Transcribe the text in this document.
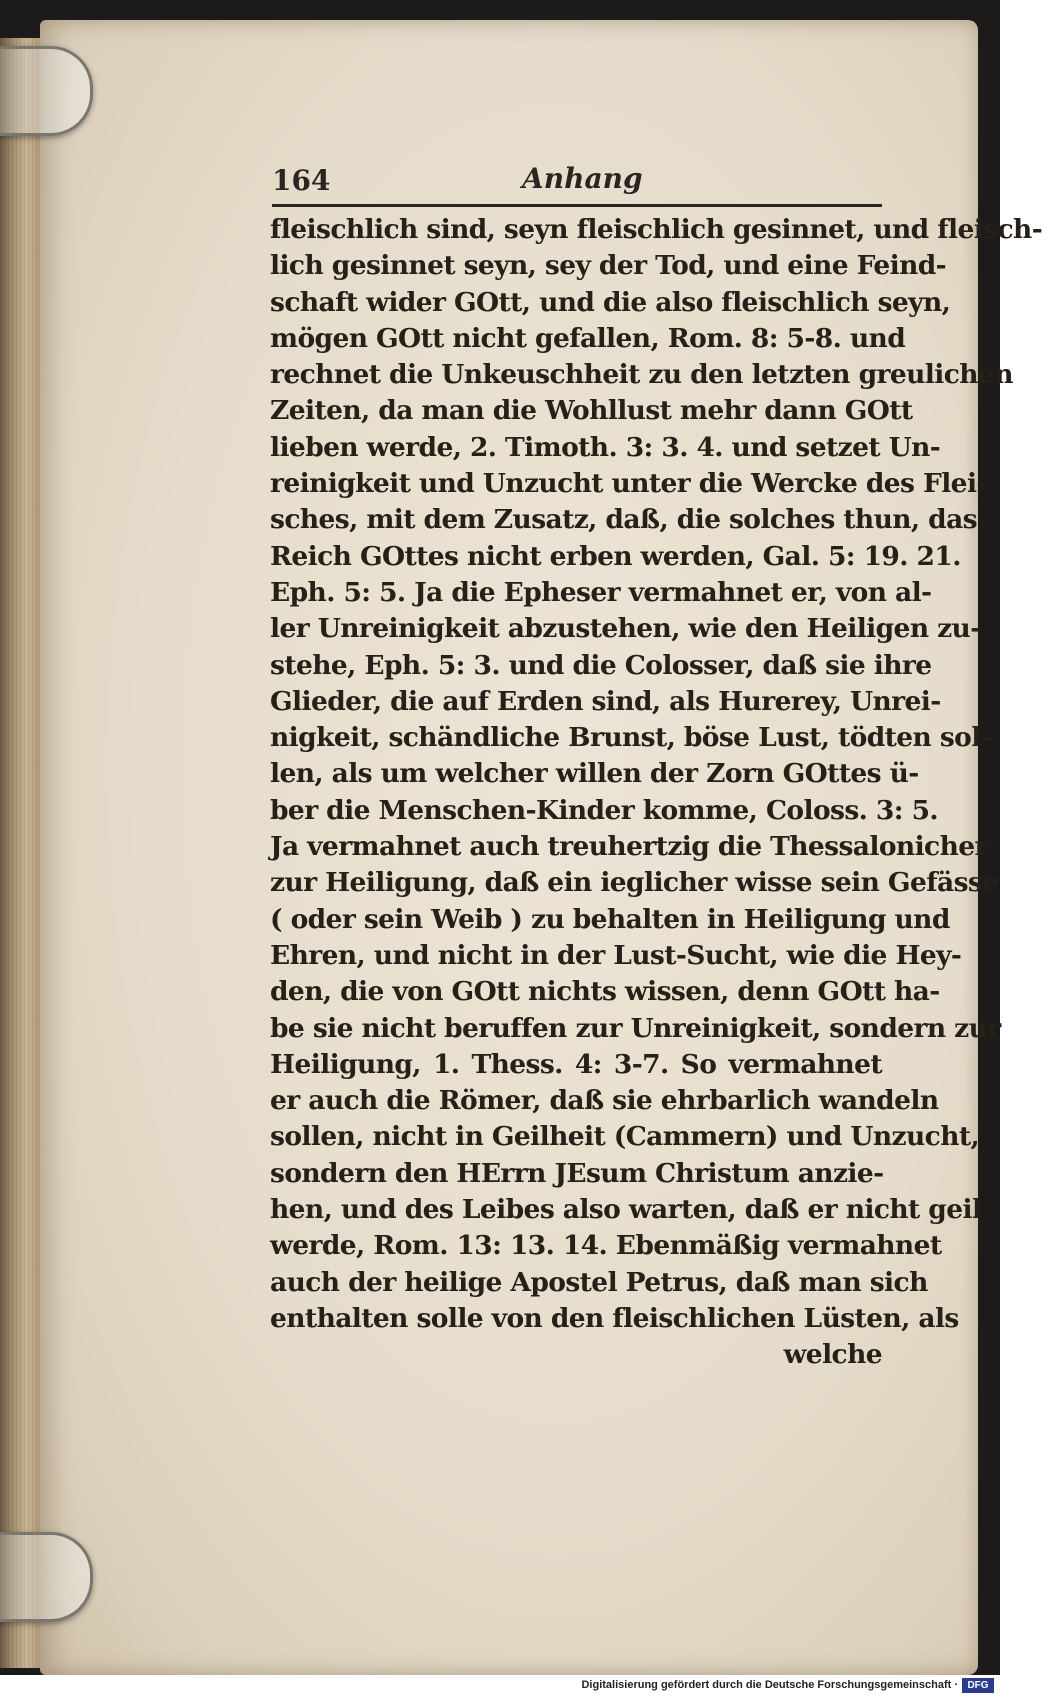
164	Anhang
fleischlich sind, seyn fleischlich gesinnet, und fleisch-
lich gesinnet seyn, sey der Tod, und eine Feind-
schaft wider GOtt, und die also fleischlich seyn,
mögen GOtt nicht gefallen, Rom. 8: 5-8. und
rechnet die Unkeuschheit zu den letzten greulichen
Zeiten, da man die Wohllust mehr dann GOtt
lieben werde, 2. Timoth. 3: 3. 4. und setzet Un-
reinigkeit und Unzucht unter die Wercke des Flei-
sches, mit dem Zusatz, daß, die solches thun, das
Reich GOttes nicht erben werden, Gal. 5: 19. 21.
Eph. 5: 5. Ja die Epheser vermahnet er, von al-
ler Unreinigkeit abzustehen, wie den Heiligen zu-
stehe, Eph. 5: 3. und die Colosser, daß sie ihre
Glieder, die auf Erden sind, als Hurerey, Unrei-
nigkeit, schändliche Brunst, böse Lust, tödten sol-
len, als um welcher willen der Zorn GOttes ü-
ber die Menschen-Kinder komme, Coloss. 3: 5.
Ja vermahnet auch treuhertzig die Thessalonicher
zur Heiligung, daß ein ieglicher wisse sein Gefässe
( oder sein Weib ) zu behalten in Heiligung und
Ehren, und nicht in der Lust-Sucht, wie die Hey-
den, die von GOtt nichts wissen, denn GOtt ha-
be sie nicht beruffen zur Unreinigkeit, sondern zur
Heiligung, 1. Thess. 4: 3-7. So vermahnet
er auch die Römer, daß sie ehrbarlich wandeln
sollen, nicht in Geilheit (Cammern) und Unzucht,
sondern den HErrn JEsum Christum anzie-
hen, und des Leibes also warten, daß er nicht geil
werde, Rom. 13: 13. 14. Ebenmäßig vermahnet
auch der heilige Apostel Petrus, daß man sich
enthalten solle von den fleischlichen Lüsten, als
welche
Digitalisierung gefördert durch die Deutsche Forschungsgemeinschaft · DFG
